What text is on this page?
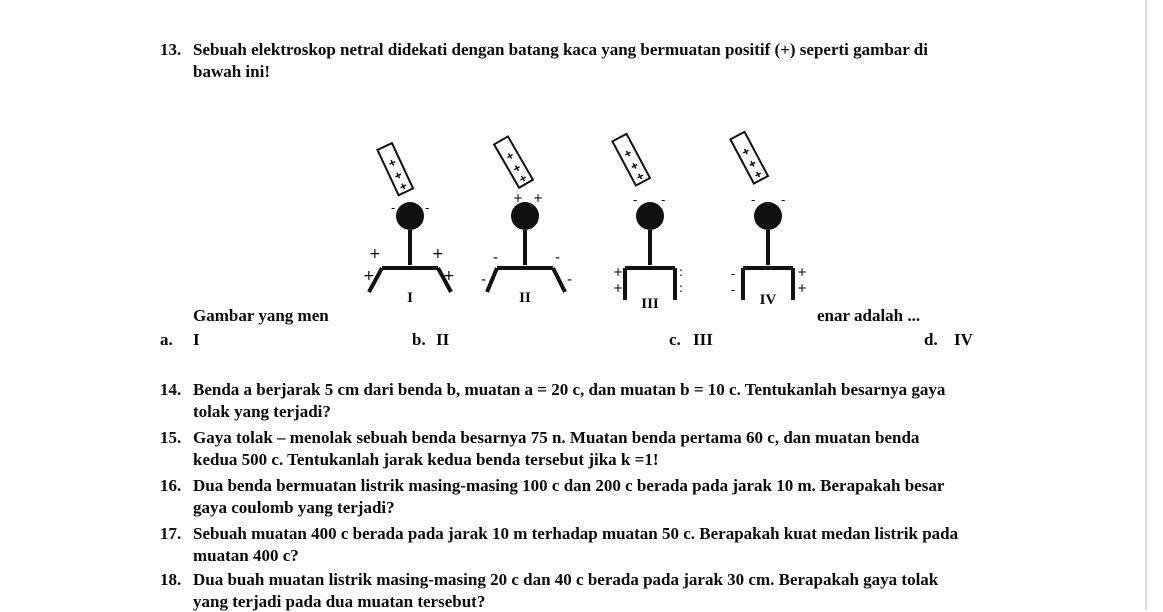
13. Sebuah elektroskop netral didekati dengan batang kaca yang bermuatan positif (+) seperti gambar di
bawah ini!
- -
+	+
+	+
+ +
-	-
-	-
- -
+
+
:
:
- -
-
-
+
+
I	II	III	IV
Gambar yang men	enar adalah ...
a. I	b. II	c. III	d. IV
14. Benda a berjarak 5 cm dari benda b, muatan a = 20 c, dan muatan b = 10 c. Tentukanlah besarnya gaya
tolak yang terjadi?
15. Gaya tolak – menolak sebuah benda besarnya 75 n. Muatan benda pertama 60 c, dan muatan benda
kedua 500 c. Tentukanlah jarak kedua benda tersebut jika k =1!
16. Dua benda bermuatan listrik masing-masing 100 c dan 200 c berada pada jarak 10 m. Berapakah besar
gaya coulomb yang terjadi?
17. Sebuah muatan 400 c berada pada jarak 10 m terhadap muatan 50 c. Berapakah kuat medan listrik pada
muatan 400 c?
18. Dua buah muatan listrik masing-masing 20 c dan 40 c berada pada jarak 30 cm. Berapakah gaya tolak
yang terjadi pada dua muatan tersebut?
